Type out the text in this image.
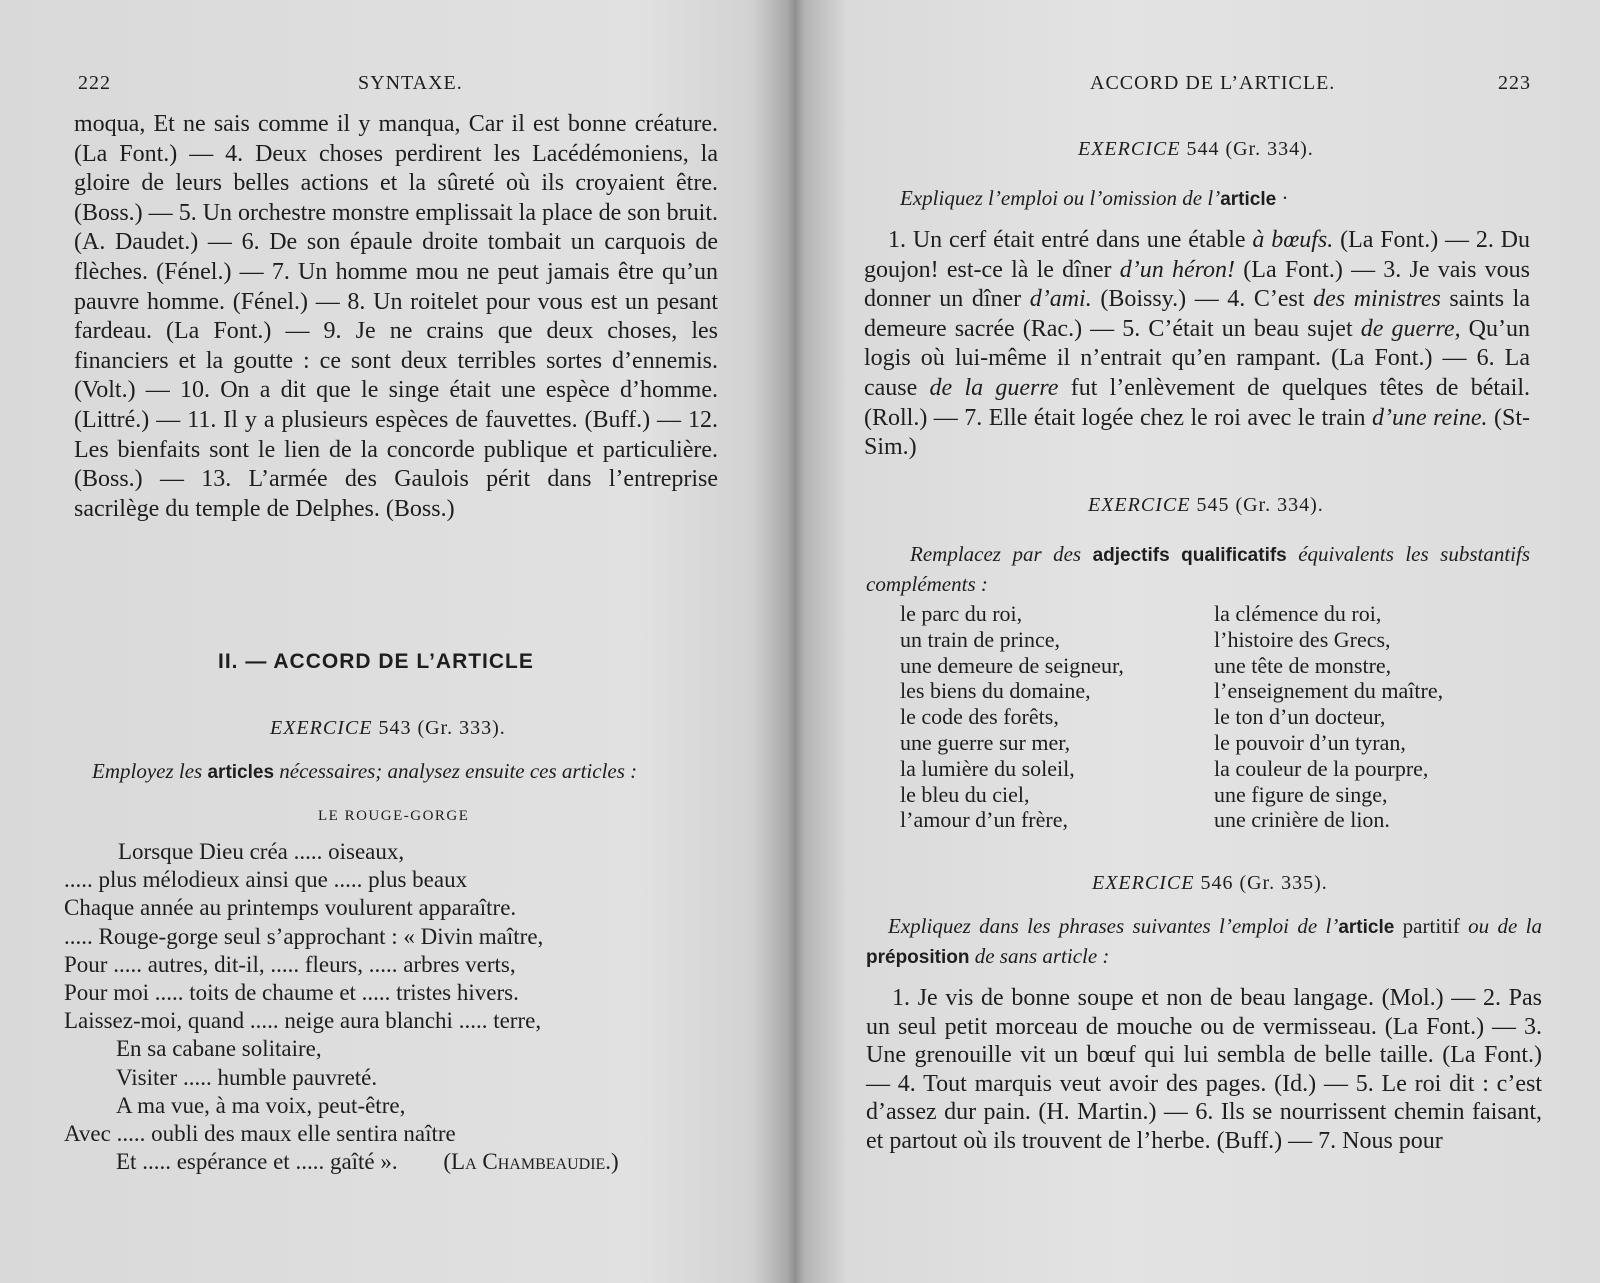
222	SYNTAXE.

moqua, Et ne sais comme il y manqua, Car il est bonne créature. (La Font.) — 4. Deux choses perdirent les Lacédémoniens, la gloire de leurs belles actions et la sûreté où ils croyaient être. (Boss.) — 5. Un orchestre monstre emplissait la place de son bruit. (A. Daudet.) — 6. De son épaule droite tombait un carquois de flèches. (Fénel.) — 7. Un homme mou ne peut jamais être qu’un pauvre homme. (Fénel.) — 8. Un roitelet pour vous est un pesant fardeau. (La Font.) — 9. Je ne crains que deux choses, les financiers et la goutte : ce sont deux terribles sortes d’ennemis. (Volt.) — 10. On a dit que le singe était une espèce d’homme. (Littré.) — 11. Il y a plusieurs espèces de fauvettes. (Buff.) — 12. Les bienfaits sont le lien de la concorde publique et particulière. (Boss.) — 13. L’armée des Gaulois périt dans l’entreprise sacrilège du temple de Delphes. (Boss.)

II. — ACCORD DE L’ARTICLE
EXERCICE 543 (Gr. 333).
Employez les articles nécessaires; analysez ensuite ces articles :
LE ROUGE-GORGE
Lorsque Dieu créa ..... oiseaux,
..... plus mélodieux ainsi que ..... plus beaux
Chaque année au printemps voulurent apparaître.
..... Rouge-gorge seul s’approchant : « Divin maître,
Pour ..... autres, dit-il, ..... fleurs, ..... arbres verts,
Pour moi ..... toits de chaume et ..... tristes hivers.
Laissez-moi, quand ..... neige aura blanchi ..... terre,
En sa cabane solitaire,
Visiter ..... humble pauvreté.
A ma vue, à ma voix, peut-être,
Avec ..... oubli des maux elle sentira naître
Et ..... espérance et ..... gaîté ». (La Chambeaudie.)
ACCORD DE L’ARTICLE.	223
EXERCICE 544 (Gr. 334).
Expliquez l’emploi ou l’omission de l’article ·

1. Un cerf était entré dans une étable à bœufs. (La Font.) — 2. Du goujon! est-ce là le dîner d’un héron! (La Font.) — 3. Je vais vous donner un dîner d’ami. (Boissy.) — 4. C’est des ministres saints la demeure sacrée (Rac.) — 5. C’était un beau sujet de guerre, Qu’un logis où lui-même il n’entrait qu’en rampant. (La Font.) — 6. La cause de la guerre fut l’enlèvement de quelques têtes de bétail. (Roll.) — 7. Elle était logée chez le roi avec le train d’une reine. (St-Sim.)

EXERCICE 545 (Gr. 334).
Remplacez par des adjectifs qualificatifs équivalents les substantifs compléments :
le parc du roi,
un train de prince,
une demeure de seigneur,
les biens du domaine,
le code des forêts,
une guerre sur mer,
la lumière du soleil,
le bleu du ciel,
l’amour d’un frère,
la clémence du roi,
l’histoire des Grecs,
une tête de monstre,
l’enseignement du maître,
le ton d’un docteur,
le pouvoir d’un tyran,
la couleur de la pourpre,
une figure de singe,
une crinière de lion.
EXERCICE 546 (Gr. 335).
Expliquez dans les phrases suivantes l’emploi de l’article partitif ou de la préposition de sans article :

1. Je vis de bonne soupe et non de beau langage. (Mol.) — 2. Pas un seul petit morceau de mouche ou de vermisseau. (La Font.) — 3. Une grenouille vit un bœuf qui lui sembla de belle taille. (La Font.) — 4. Tout marquis veut avoir des pages. (Id.) — 5. Le roi dit : c’est d’assez dur pain. (H. Martin.) — 6. Ils se nourrissent chemin faisant, et partout où ils trouvent de l’herbe. (Buff.) — 7. Nous pour
